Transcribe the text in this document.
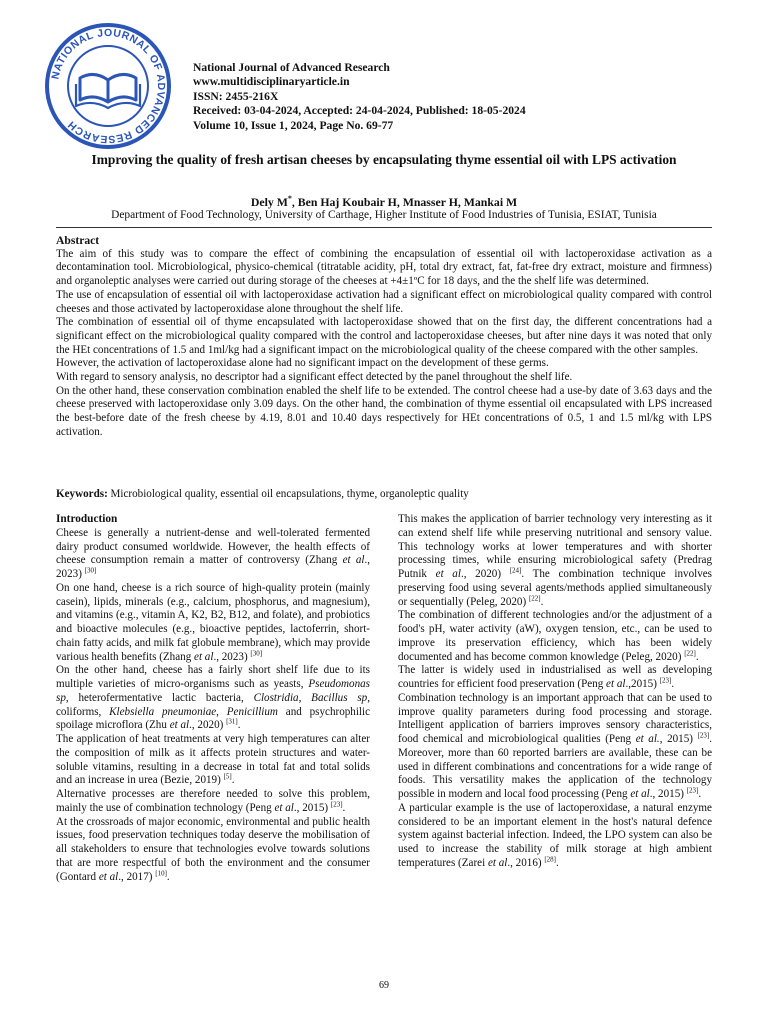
NATIONAL JOURNAL OF ADVANCED RESEARCH
National Journal of Advanced Research
www.multidisciplinaryarticle.in
ISSN: 2455-216X
Received: 03-04-2024, Accepted: 24-04-2024, Published: 18-05-2024
Volume 10, Issue 1, 2024, Page No. 69-77
Improving the quality of fresh artisan cheeses by encapsulating thyme essential oil with LPS activation
Dely M*, Ben Haj Koubair H, Mnasser H, Mankai M
Department of Food Technology, University of Carthage, Higher Institute of Food Industries of Tunisia, ESIAT, Tunisia
Abstract

The aim of this study was to compare the effect of combining the encapsulation of essential oil with lactoperoxidase activation as a decontamination tool. Microbiological, physico-chemical (titratable acidity, pH, total dry extract, fat, fat-free dry extract, moisture and firmness) and organoleptic analyses were carried out during storage of the cheeses at +4±1ºC for 18 days, and the the shelf life was determined.

The use of encapsulation of essential oil with lactoperoxidase activation had a significant effect on microbiological quality compared with control cheeses and those activated by lactoperoxidase alone throughout the shelf life.

The combination of essential oil of thyme encapsulated with lactoperoxidase showed that on the first day, the different concentrations had a significant effect on the microbiological quality compared with the control and lactoperoxidase cheeses, but after nine days it was noted that only the HEt concentrations of 1.5 and 1ml/kg had a significant impact on the microbiological quality of the cheese compared with the other samples.

However, the activation of lactoperoxidase alone had no significant impact on the development of these germs.

With regard to sensory analysis, no descriptor had a significant effect detected by the panel throughout the shelf life.

On the other hand, these conservation combination enabled the shelf life to be extended. The control cheese had a use-by date of 3.63 days and the cheese preserved with lactoperoxidase only 3.09 days. On the other hand, the combination of thyme essential oil encapsulated with LPS increased the best-before date of the fresh cheese by 4.19, 8.01 and 10.40 days respectively for HEt concentrations of 0.5, 1 and 1.5 ml/kg with LPS activation.

Keywords: Microbiological quality, essential oil encapsulations, thyme, organoleptic quality
Introduction

Cheese is generally a nutrient-dense and well-tolerated fermented dairy product consumed worldwide. However, the health effects of cheese consumption remain a matter of controversy (Zhang et al., 2023) [30]

On one hand, cheese is a rich source of high-quality protein (mainly casein), lipids, minerals (e.g., calcium, phosphorus, and magnesium), and vitamins (e.g., vitamin A, K2, B2, B12, and folate), and probiotics and bioactive molecules (e.g., bioactive peptides, lactoferrin, short-chain fatty acids, and milk fat globule membrane), which may provide various health benefits (Zhang et al., 2023) [30]

On the other hand, cheese has a fairly short shelf life due to its multiple varieties of micro-organisms such as yeasts, Pseudomonas sp, heterofermentative lactic bacteria, Clostridia, Bacillus sp, coliforms, Klebsiella pneumoniae, Penicillium and psychrophilic spoilage microflora (Zhu et al., 2020) [31].

The application of heat treatments at very high temperatures can alter the composition of milk as it affects protein structures and water-soluble vitamins, resulting in a decrease in total fat and total solids and an increase in urea (Bezie, 2019) [5].

Alternative processes are therefore needed to solve this problem, mainly the use of combination technology (Peng et al., 2015) [23].

At the crossroads of major economic, environmental and public health issues, food preservation techniques today deserve the mobilisation of all stakeholders to ensure that technologies evolve towards solutions that are more respectful of both the environment and the consumer (Gontard et al., 2017) [10].

This makes the application of barrier technology very interesting as it can extend shelf life while preserving nutritional and sensory value. This technology works at lower temperatures and with shorter processing times, while ensuring microbiological safety (Predrag Putnik et al., 2020) [24]. The combination technique involves preserving food using several agents/methods applied simultaneously or sequentially (Peleg, 2020) [22].

The combination of different technologies and/or the adjustment of a food's pH, water activity (aW), oxygen tension, etc., can be used to improve its preservation efficiency, which has been widely documented and has become common knowledge (Peleg, 2020) [22].

The latter is widely used in industrialised as well as developing countries for efficient food preservation (Peng et al.,2015) [23].

Combination technology is an important approach that can be used to improve quality parameters during food processing and storage. Intelligent application of barriers improves sensory characteristics, food chemical and microbiological qualities (Peng et al., 2015) [23]. Moreover, more than 60 reported barriers are available, these can be used in different combinations and concentrations for a wide range of foods. This versatility makes the application of the technology possible in modern and local food processing (Peng et al., 2015) [23].

A particular example is the use of lactoperoxidase, a natural enzyme considered to be an important element in the host's natural defence system against bacterial infection. Indeed, the LPO system can also be used to increase the stability of milk storage at high ambient temperatures (Zarei et al., 2016) [28].

69
